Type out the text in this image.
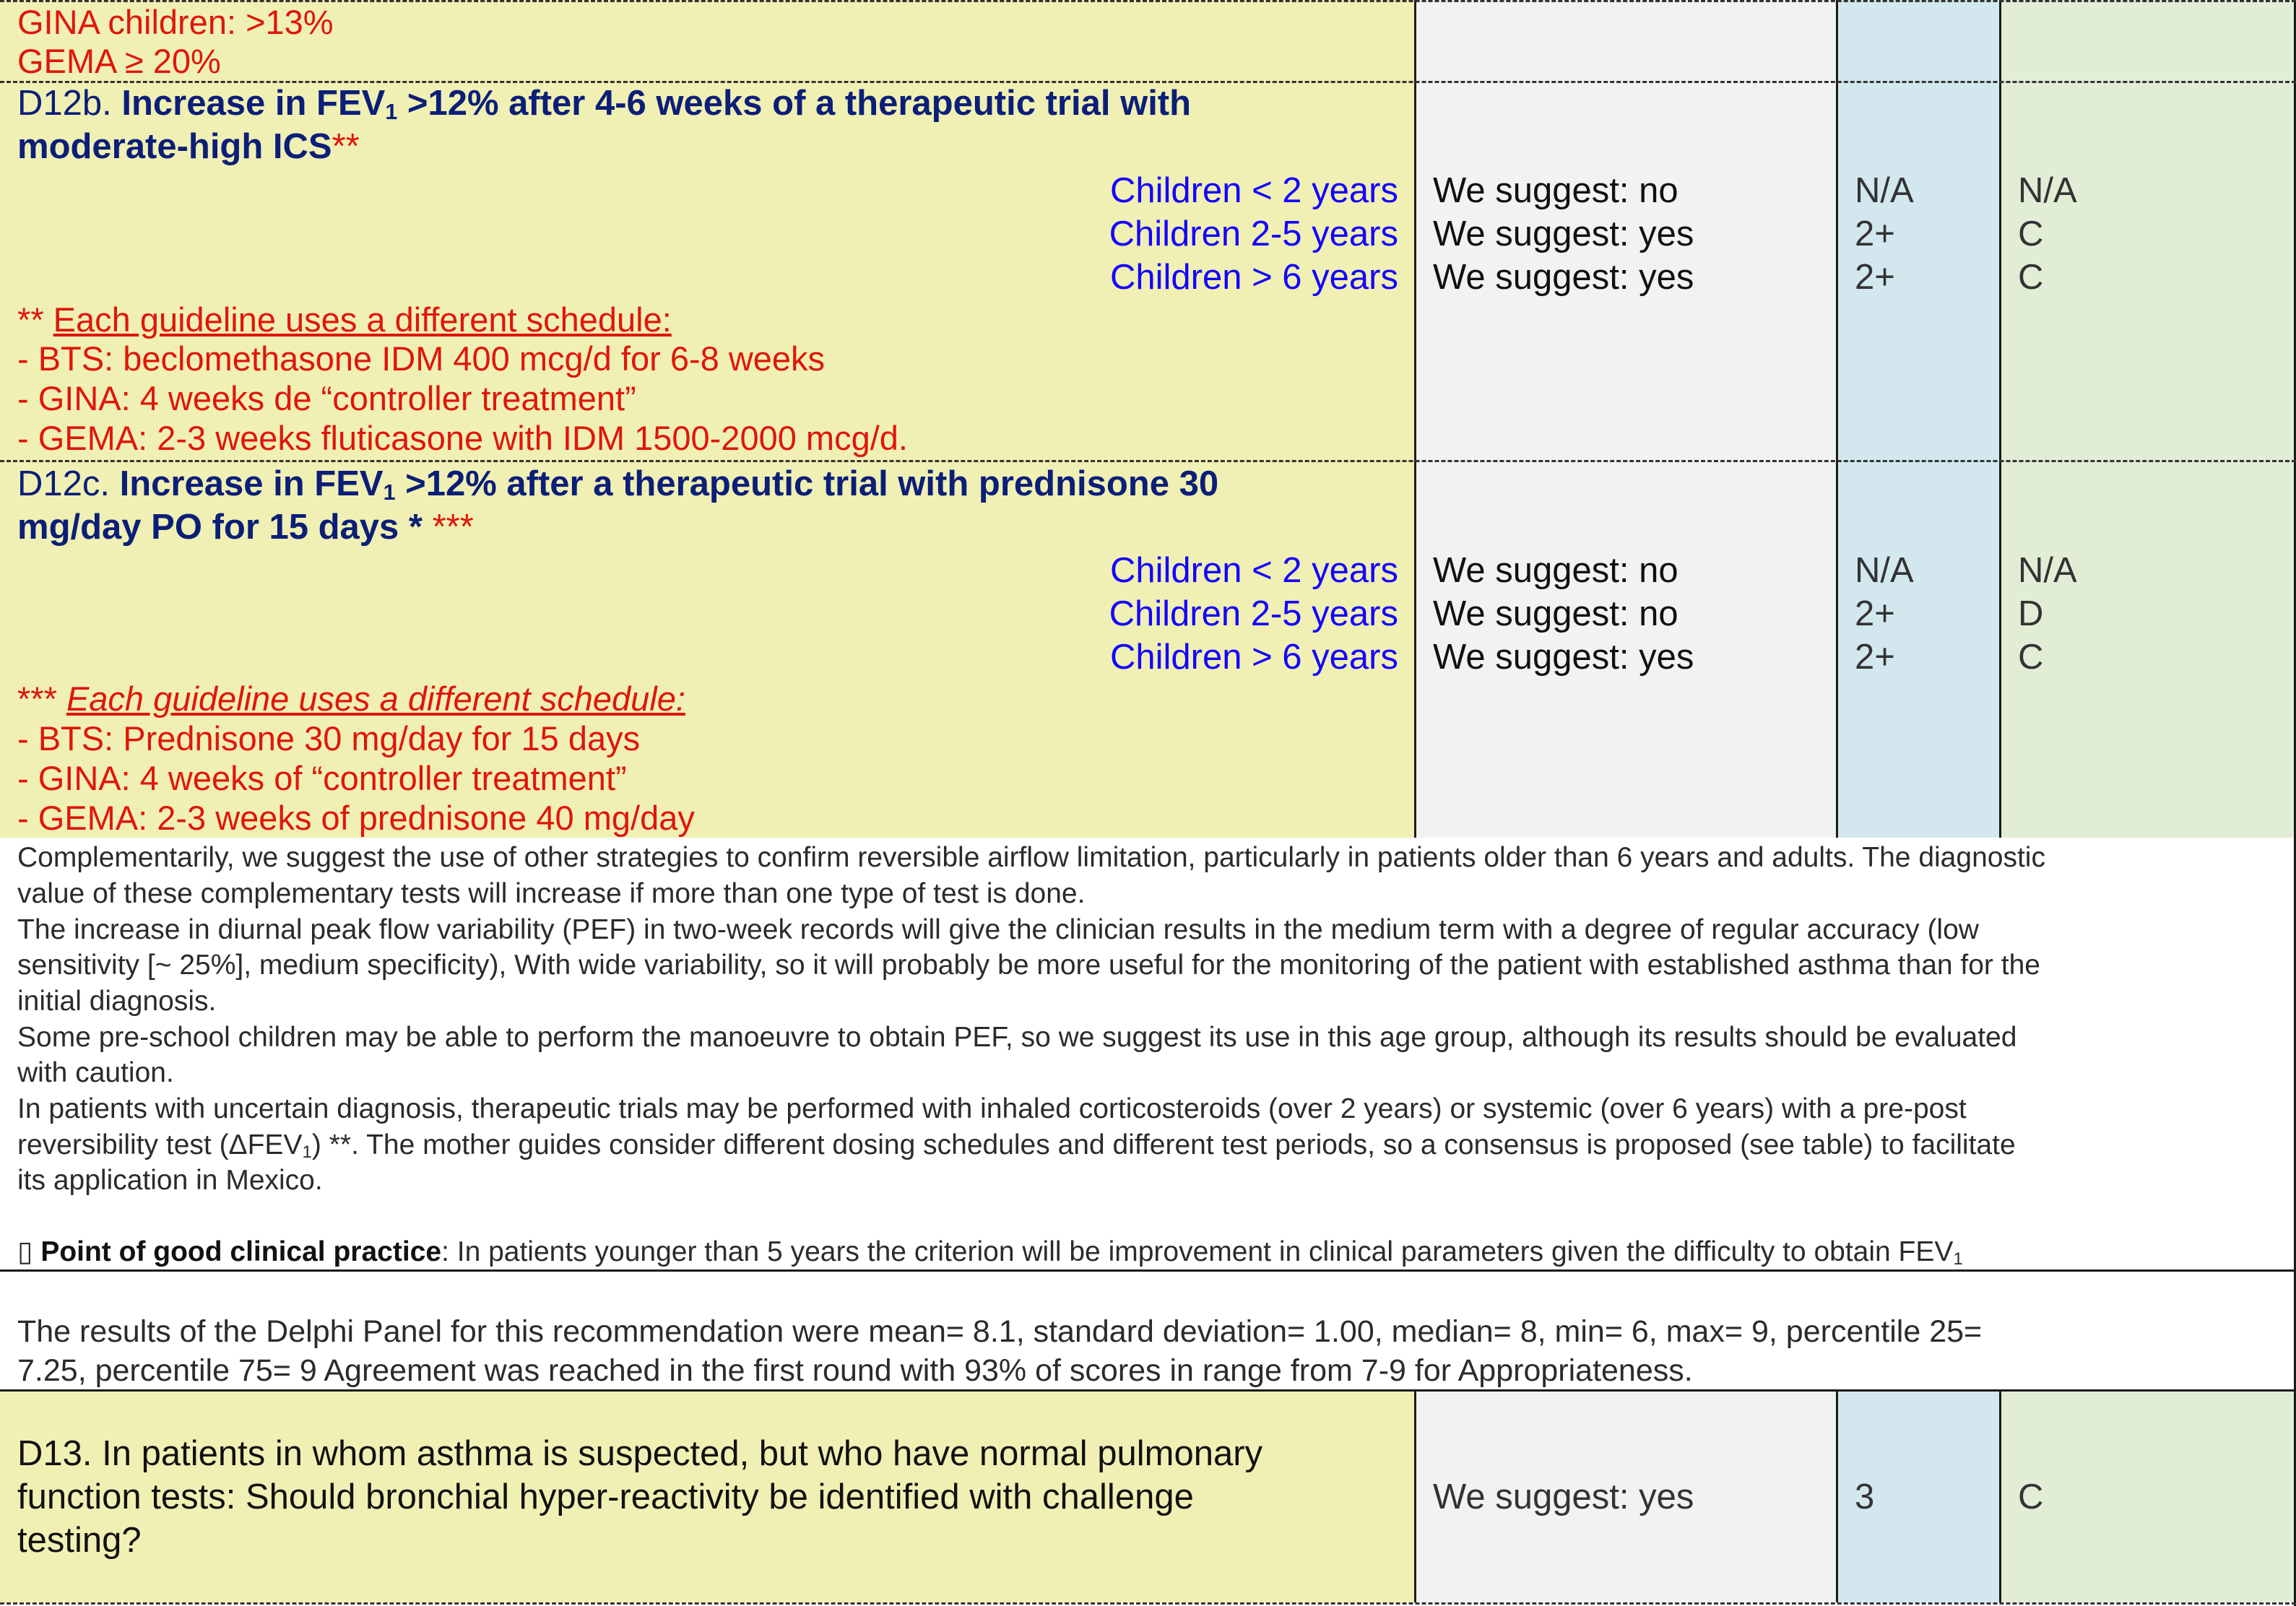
GINA children: >13%
GEMA ≥ 20%
D12b. Increase in FEV1 >12% after 4-6 weeks of a therapeutic trial with
moderate-high ICS**
Children < 2 years
Children 2-5 years
Children > 6 years
** Each guideline uses a different schedule:
- BTS: beclomethasone IDM 400 mcg/d for 6-8 weeks
- GINA: 4 weeks de “controller treatment”
- GEMA: 2-3 weeks fluticasone with IDM 1500-2000 mcg/d.
We suggest: no
We suggest: yes
We suggest: yes
N/A
2+
2+
N/A
C
C
D12c. Increase in FEV1 >12% after a therapeutic trial with prednisone 30
mg/day PO for 15 days * ***
Children < 2 years
Children 2-5 years
Children > 6 years
*** Each guideline uses a different schedule:
- BTS: Prednisone 30 mg/day for 15 days
- GINA: 4 weeks of “controller treatment”
- GEMA: 2-3 weeks of prednisone 40 mg/day
We suggest: no
We suggest: no
We suggest: yes
N/A
2+
2+
N/A
D
C
Complementarily, we suggest the use of other strategies to confirm reversible airflow limitation, particularly in patients older than 6 years and adults. The diagnostic
value of these complementary tests will increase if more than one type of test is done.
The increase in diurnal peak flow variability (PEF) in two-week records will give the clinician results in the medium term with a degree of regular accuracy (low
sensitivity [~ 25%], medium specificity), With wide variability, so it will probably be more useful for the monitoring of the patient with established asthma than for the
initial diagnosis.
Some pre-school children may be able to perform the manoeuvre to obtain PEF, so we suggest its use in this age group, although its results should be evaluated
with caution.
In patients with uncertain diagnosis, therapeutic trials may be performed with inhaled corticosteroids (over 2 years) or systemic (over 6 years) with a pre-post
reversibility test $(\Delta FEV_1)$ **. The mother guides consider different dosing schedules and different test periods, so a consensus is proposed (see table) to facilitate
its application in Mexico.
▯ Point of good clinical practice: In patients younger than 5 years the criterion will be improvement in clinical parameters given the difficulty to obtain $FEV_1$
The results of the Delphi Panel for this recommendation were mean= 8.1, standard deviation= 1.00, median= 8, min= 6, max= 9, percentile 25=
7.25, percentile 75= 9 Agreement was reached in the first round with 93% of scores in range from 7-9 for Appropriateness.
D13. In patients in whom asthma is suspected, but who have normal pulmonary
function tests: Should bronchial hyper-reactivity be identified with challenge
testing?
We suggest: yes	3	C
